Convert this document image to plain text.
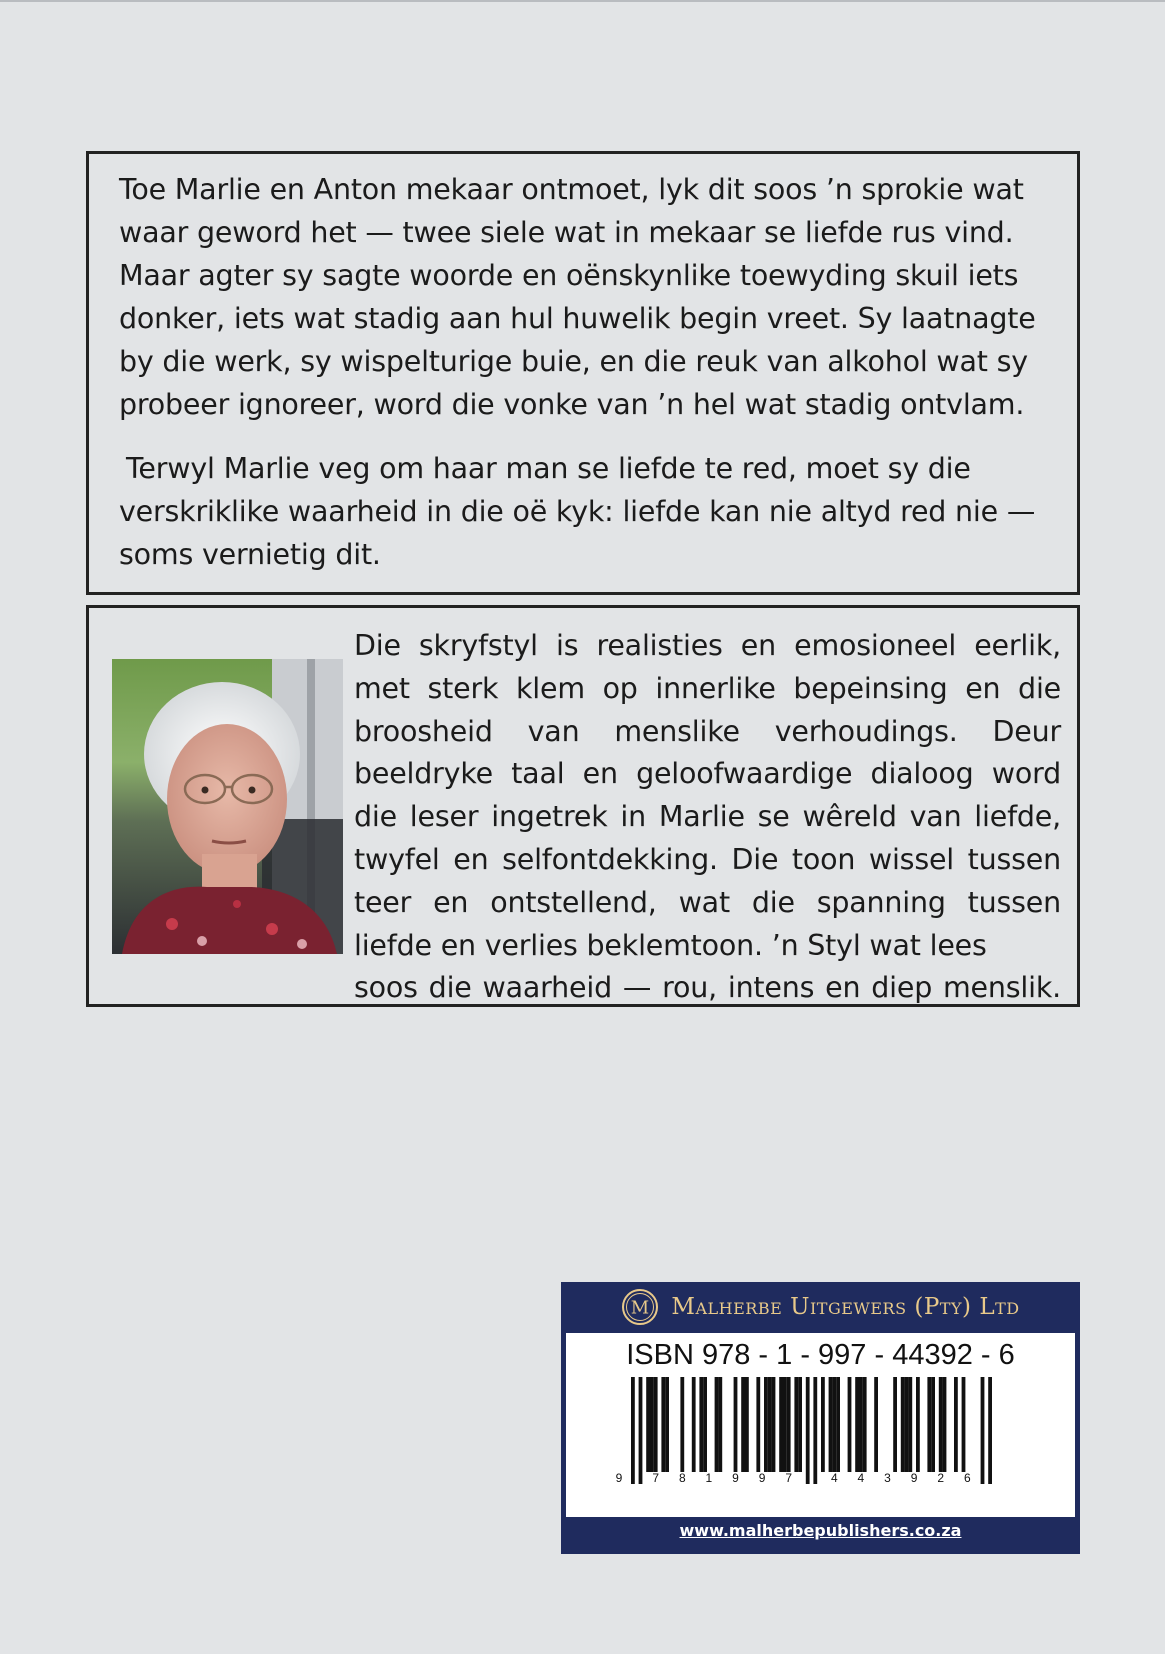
Toe Marlie en Anton mekaar ontmoet, lyk dit soos ’n sprokie wat waar geword het — twee siele wat in mekaar se liefde rus vind. Maar agter sy sagte woorde en oënskynlike toewyding skuil iets donker, iets wat stadig aan hul huwelik begin vreet. Sy laatnagte by die werk, sy wispelturige buie, en die reuk van alkohol wat sy probeer ignoreer, word die vonke van ’n hel wat stadig ontvlam.

Terwyl Marlie veg om haar man se liefde te red, moet sy die verskriklike waarheid in die oë kyk: liefde kan nie altyd red nie — soms vernietig dit.

Die skryfstyl is realisties en emosioneel eerlik, met sterk klem op innerlike bepeinsing en die broosheid van menslike verhoudings. Deur beeldryke taal en geloofwaardige dialoog word die leser ingetrek in Marlie se wêreld van liefde, twyfel en selfontdekking. Die toon wissel tussen teer en ontstellend, wat die spanning tussen liefde en verlies beklemtoon. ’n Styl wat lees
soos die waarheid — rou, intens en diep menslik.
M Malherbe Uitgewers (Pty) Ltd
9	7 8 1 9 9 7	4 4 3 9 2 6
ISBN 978 - 1 - 997 - 44392 - 6
www.malherbepublishers.co.za
